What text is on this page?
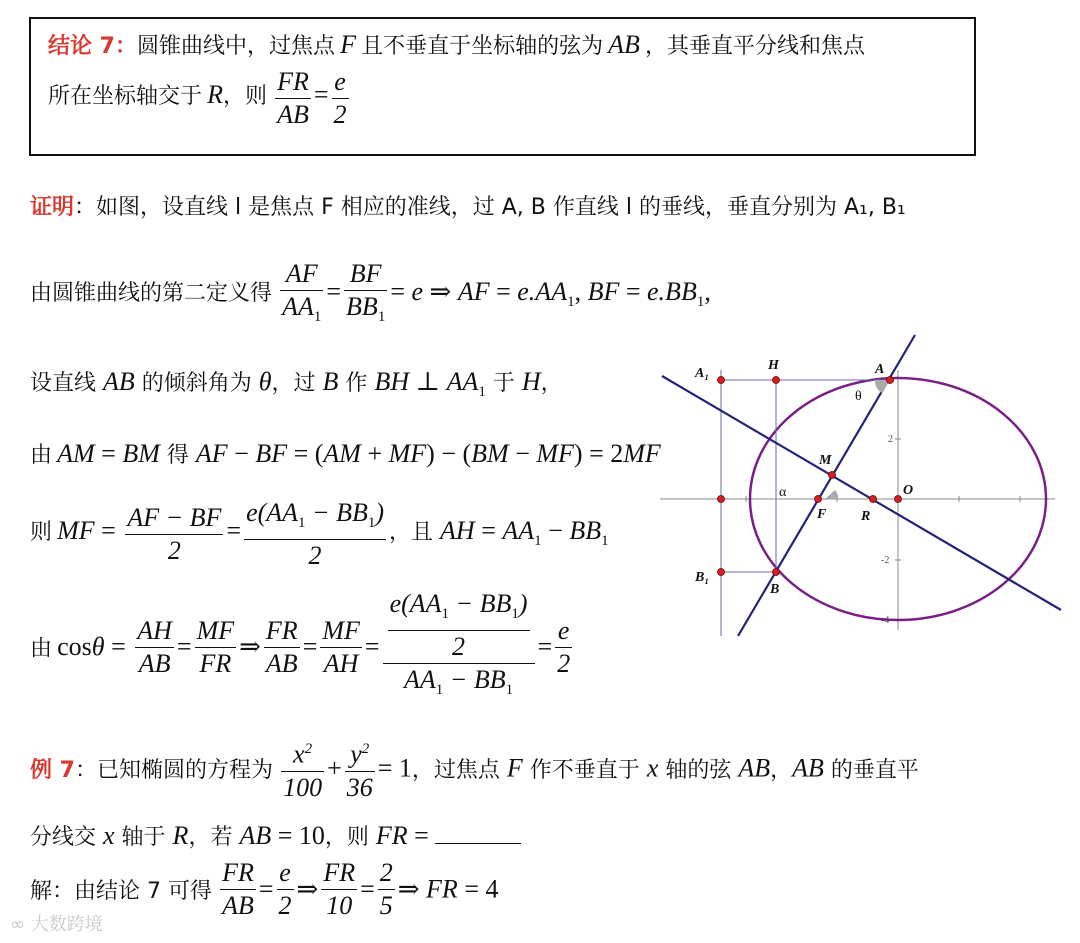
结论 7：圆锥曲线中，过焦点 F 且不垂直于坐标轴的弦为 AB ，其垂直平分线和焦点
所在坐标轴交于 R，则 $\frac{FR}{AB} = \frac{e}{2}$
证明：如图，设直线 l 是焦点 F 相应的准线，过 A, B 作直线 l 的垂线，垂直分别为 A₁, B₁
由圆锥曲线的第二定义得 $\frac{AF}{AA_1} = \frac{BF}{BB_1} = e$ ⇒ AF = $e.AA_1$, BF = $e.BB_1$,
设直线 AB 的倾斜角为 θ，过 B 作 BH ⊥ $AA_1$ 于 H，
由 AM = BM 得 AF − BF = (AM + MF) − (BM − MF) = 2MF
则 MF = $\frac{AF - BF}{2} = \frac{e(AA_1 - BB_1)}{2}$ ，且 AH = $AA_1 - BB_1$
由 $\cos\theta = \frac{AH}{AB} = \frac{MF}{FR}$ ⇒ $\frac{FR}{AB} = \frac{MF}{AH} = \frac{\frac{e(AA_1 - BB_1)}{2}}{AA_1 - BB_1} = \frac{e}{2}$
2
-2
-4
A₁
H	A
M
F R
O
B₁
B
θ
α
例 7：已知椭圆的方程为 $\frac{x^2}{100} + \frac{y^2}{36} = 1$，过焦点 F 作不垂直于 x 轴的弦 AB，AB 的垂直平
分线交 x 轴于 R，若 AB = 10，则 FR =
解：由结论 7 可得 $\frac{FR}{AB} = \frac{e}{2}$ ⇒ $\frac{FR}{10} = \frac{2}{5}$ ⇒ FR = 4
∞ 大数跨境
